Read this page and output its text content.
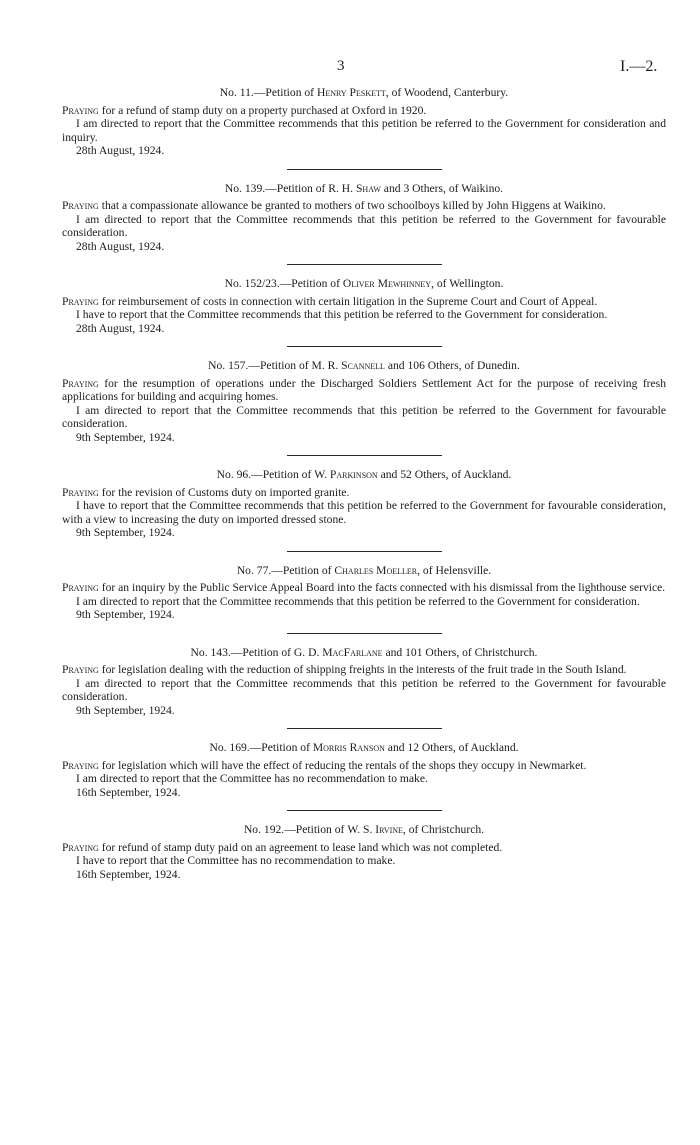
3	I.—2.
No. 11.—Petition of Henry Peskett, of Woodend, Canterbury.

Praying for a refund of stamp duty on a property purchased at Oxford in 1920.

I am directed to report that the Committee recommends that this petition be referred to the Government for consideration and inquiry.

28th August, 1924.

No. 139.—Petition of R. H. Shaw and 3 Others, of Waikino.

Praying that a compassionate allowance be granted to mothers of two schoolboys killed by John Higgens at Waikino.

I am directed to report that the Committee recommends that this petition be referred to the Government for favourable consideration.

28th August, 1924.

No. 152/23.—Petition of Oliver Mewhinney, of Wellington.

Praying for reimbursement of costs in connection with certain litigation in the Supreme Court and Court of Appeal.

I have to report that the Committee recommends that this petition be referred to the Government for consideration.

28th August, 1924.

No. 157.—Petition of M. R. Scannell and 106 Others, of Dunedin.

Praying for the resumption of operations under the Discharged Soldiers Settlement Act for the purpose of receiving fresh applications for building and acquiring homes.

I am directed to report that the Committee recommends that this petition be referred to the Government for favourable consideration.

9th September, 1924.

No. 96.—Petition of W. Parkinson and 52 Others, of Auckland.

Praying for the revision of Customs duty on imported granite.

I have to report that the Committee recommends that this petition be referred to the Government for favourable consideration, with a view to increasing the duty on imported dressed stone.

9th September, 1924.

No. 77.—Petition of Charles Moeller, of Helensville.

Praying for an inquiry by the Public Service Appeal Board into the facts connected with his dismissal from the lighthouse service.

I am directed to report that the Committee recommends that this petition be referred to the Government for consideration.

9th September, 1924.

No. 143.—Petition of G. D. MacFarlane and 101 Others, of Christchurch.

Praying for legislation dealing with the reduction of shipping freights in the interests of the fruit trade in the South Island.

I am directed to report that the Committee recommends that this petition be referred to the Government for favourable consideration.

9th September, 1924.

No. 169.—Petition of Morris Ranson and 12 Others, of Auckland.

Praying for legislation which will have the effect of reducing the rentals of the shops they occupy in Newmarket.

I am directed to report that the Committee has no recommendation to make.

16th September, 1924.

No. 192.—Petition of W. S. Irvine, of Christchurch.

Praying for refund of stamp duty paid on an agreement to lease land which was not completed.

I have to report that the Committee has no recommendation to make.

16th September, 1924.
